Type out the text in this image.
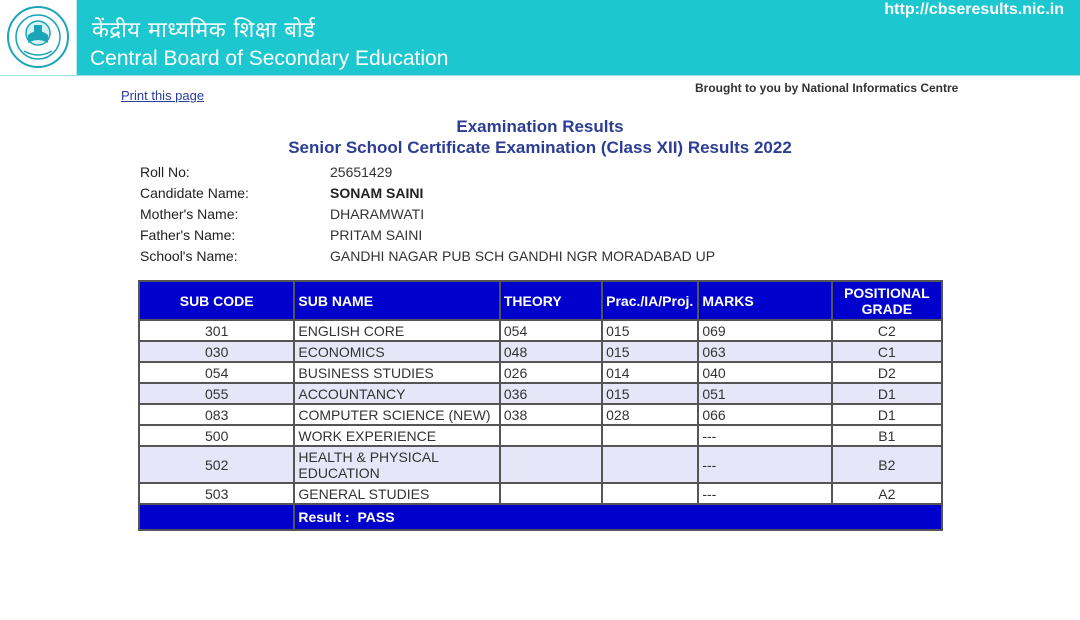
केंद्रीय माध्यमिक शिक्षा बोर्ड
Central Board of Secondary Education
http://cbseresults.nic.in
Print this page	Brought to you by National Informatics Centre
Examination Results
Senior School Certificate Examination (Class XII) Results 2022
Roll No:	25651429
Candidate Name:	SONAM SAINI
Mother's Name:	DHARAMWATI
Father's Name:	PRITAM SAINI
School's Name:	GANDHI NAGAR PUB SCH GANDHI NGR MORADABAD UP
SUB CODE	SUB NAME	THEORY	Prac./IA/Proj.	MARKS	POSITIONAL
GRADE

301	ENGLISH CORE	054	015	069	C2
030	ECONOMICS	048	015	063	C1
054	BUSINESS STUDIES	026	014	040	D2
055	ACCOUNTANCY	036	015	051	D1
083	COMPUTER SCIENCE (NEW)	038	028	066	D1
500	WORK EXPERIENCE			---	B1
502	HEALTH & PHYSICAL EDUCATION			---	B2
503	GENERAL STUDIES			---	A2
	Result : PASS				
